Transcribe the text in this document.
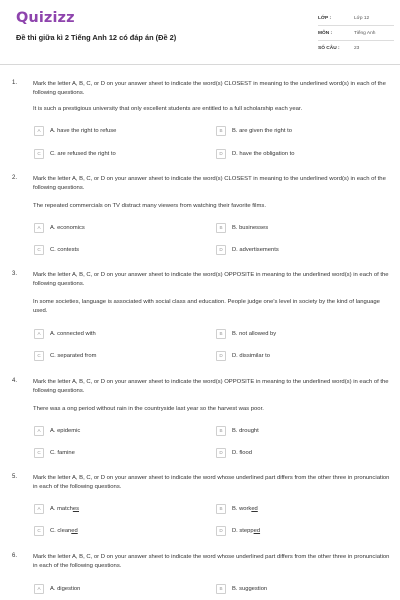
Quizizz
Đề thi giữa kì 2 Tiếng Anh 12 có đáp án (Đề 2)
LỚP :	Lớp 12
MÔN :	Tiếng Anh
SỐ CÂU :	23
1.	Mark the letter A, B, C, or D on your answer sheet to indicate the word(s) CLOSEST in meaning to the underlined word(s) in each of the following questions.
It is such a prestigious university that only excellent students are entitled to a full scholarship each year.
A	A. have the right to refuse	B	B. are given the right to
C	C. are refused the right to	D	D. have the obligation to
2.	Mark the letter A, B, C, or D on your answer sheet to indicate the word(s) CLOSEST in meaning to the underlined word(s) in each of the following questions.
The repeated commercials on TV distract many viewers from watching their favorite films.
A	A. economics	B	B. businesses
C	C. contests	D	D. advertisements
3.	Mark the letter A, B, C, or D on your answer sheet to indicate the word(s) OPPOSITE in meaning to the underlined word(s) in each of the following questions.
In some societies, language is associated with social class and education. People judge one's level in society by the kind of language used.
A	A. connected with	B	B. not allowed by
C	C. separated from	D	D. dissimilar to
4.	Mark the letter A, B, C, or D on your answer sheet to indicate the word(s) OPPOSITE in meaning to the underlined word(s) in each of the following questions.
There was a ong period without rain in the countryside last year so the harvest was poor.
A	A. epidemic	B	B. drought
C	C. famine	D	D. flood
5.	Mark the letter A, B, C, or D on your answer sheet to indicate the word whose underlined part differs from the other three in pronunciation in each of the following questions.
A	A. matches	B	B. worked
C	C. cleaned	D	D. stepped
6.	Mark the letter A, B, C, or D on your answer sheet to indicate the word whose underlined part differs from the other three in pronunciation in each of the following questions.
A	A. digestion	B	B. suggestion
